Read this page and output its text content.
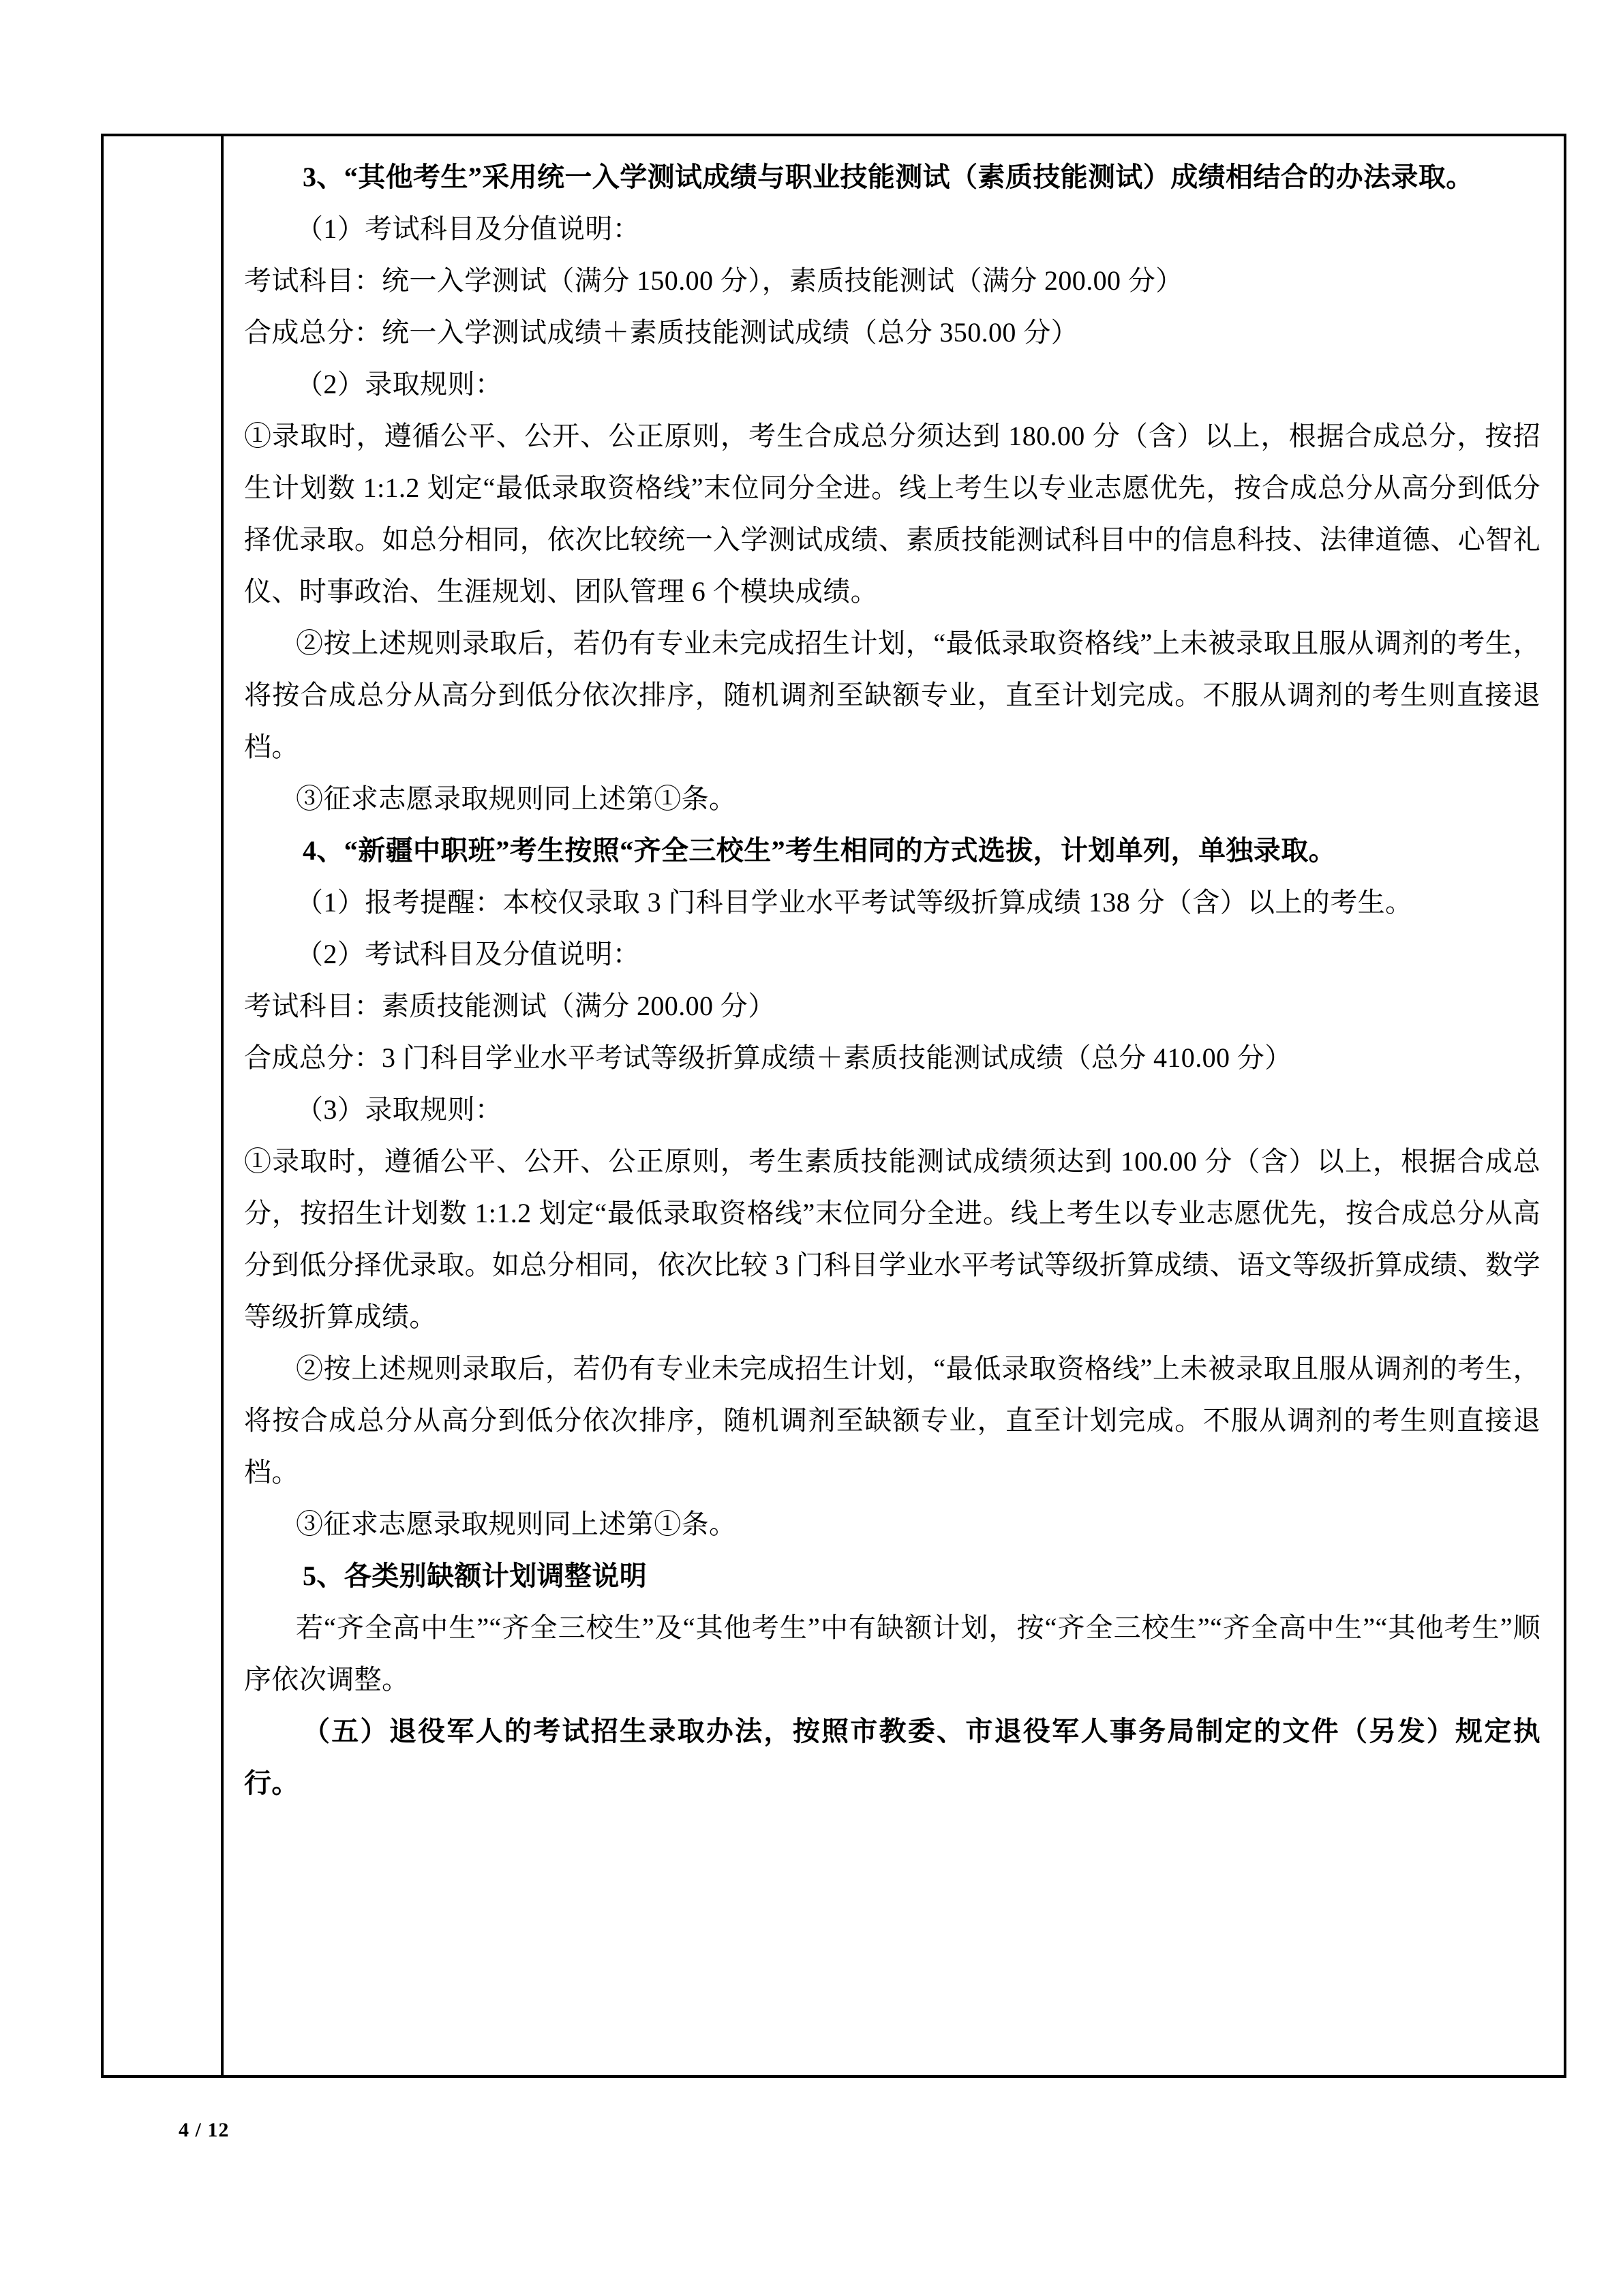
3、“其他考生”采用统一入学测试成绩与职业技能测试（素质技能测试）成绩相结合的办法录取。

（1）考试科目及分值说明：

考试科目：统一入学测试（满分 150.00 分），素质技能测试（满分 200.00 分）

合成总分：统一入学测试成绩＋素质技能测试成绩（总分 350.00 分）

（2）录取规则：

①录取时，遵循公平、公开、公正原则，考生合成总分须达到 180.00 分（含）以上，根据合成总分，按招生计划数 1:1.2 划定“最低录取资格线”末位同分全进。线上考生以专业志愿优先，按合成总分从高分到低分择优录取。如总分相同，依次比较统一入学测试成绩、素质技能测试科目中的信息科技、法律道德、心智礼仪、时事政治、生涯规划、团队管理 6 个模块成绩。

②按上述规则录取后，若仍有专业未完成招生计划，“最低录取资格线”上未被录取且服从调剂的考生，将按合成总分从高分到低分依次排序，随机调剂至缺额专业，直至计划完成。不服从调剂的考生则直接退档。

③征求志愿录取规则同上述第①条。

4、“新疆中职班”考生按照“齐全三校生”考生相同的方式选拔，计划单列，单独录取。

（1）报考提醒：本校仅录取 3 门科目学业水平考试等级折算成绩 138 分（含）以上的考生。

（2）考试科目及分值说明：

考试科目：素质技能测试（满分 200.00 分）

合成总分：3 门科目学业水平考试等级折算成绩＋素质技能测试成绩（总分 410.00 分）

（3）录取规则：

①录取时，遵循公平、公开、公正原则，考生素质技能测试成绩须达到 100.00 分（含）以上，根据合成总分，按招生计划数 1:1.2 划定“最低录取资格线”末位同分全进。线上考生以专业志愿优先，按合成总分从高分到低分择优录取。如总分相同，依次比较 3 门科目学业水平考试等级折算成绩、语文等级折算成绩、数学等级折算成绩。

②按上述规则录取后，若仍有专业未完成招生计划，“最低录取资格线”上未被录取且服从调剂的考生，将按合成总分从高分到低分依次排序，随机调剂至缺额专业，直至计划完成。不服从调剂的考生则直接退档。

③征求志愿录取规则同上述第①条。

5、各类别缺额计划调整说明

若“齐全高中生”“齐全三校生”及“其他考生”中有缺额计划，按“齐全三校生”“齐全高中生”“其他考生”顺序依次调整。

（五）退役军人的考试招生录取办法，按照市教委、市退役军人事务局制定的文件（另发）规定执行。

4 / 12
